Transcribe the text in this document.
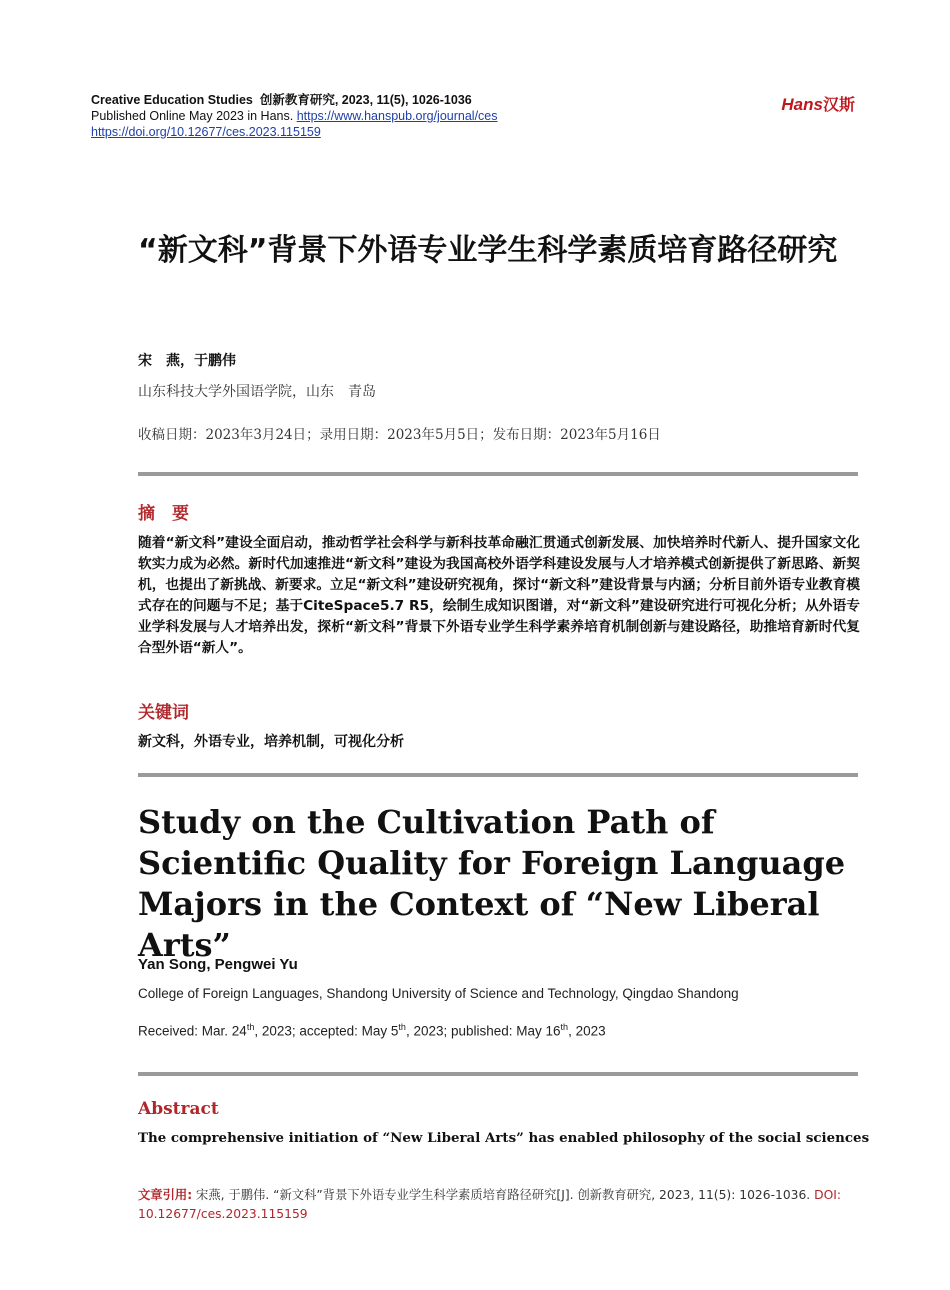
Creative Education Studies 创新教育研究, 2023, 11(5), 1026-1036
Published Online May 2023 in Hans. https://www.hanspub.org/journal/ces
https://doi.org/10.12677/ces.2023.115159
Hans汉斯
“新文科”背景下外语专业学生科学素质培育路径研究
宋　燕，于鹏伟
山东科技大学外国语学院，山东　青岛
收稿日期：2023年3月24日；录用日期：2023年5月5日；发布日期：2023年5月16日
摘　要

随着“新文科”建设全面启动，推动哲学社会科学与新科技革命融汇贯通式创新发展、加快培养时代新人、提升国家文化软实力成为必然。新时代加速推进“新文科”建设为我国高校外语学科建设发展与人才培养模式创新提供了新思路、新契机，也提出了新挑战、新要求。立足“新文科”建设研究视角，探讨“新文科”建设背景与内涵；分析目前外语专业教育模式存在的问题与不足；基于CiteSpace5.7 R5，绘制生成知识图谱，对“新文科”建设研究进行可视化分析；从外语专业学科发展与人才培养出发，探析“新文科”背景下外语专业学生科学素养培育机制创新与建设路径，助推培育新时代复合型外语“新人”。

关键词
新文科，外语专业，培养机制，可视化分析
Study on the Cultivation Path of Scientific Quality for Foreign Language Majors in the Context of “New Liberal Arts”
Yan Song, Pengwei Yu
College of Foreign Languages, Shandong University of Science and Technology, Qingdao Shandong
Received: Mar. 24th, 2023; accepted: May 5th, 2023; published: May 16th, 2023
Abstract
The comprehensive initiation of “New Liberal Arts” has enabled philosophy of the social sciences
文章引用: 宋燕, 于鹏伟. “新文科”背景下外语专业学生科学素质培育路径研究[J]. 创新教育研究, 2023, 11(5): 1026-1036. DOI: 10.12677/ces.2023.115159
